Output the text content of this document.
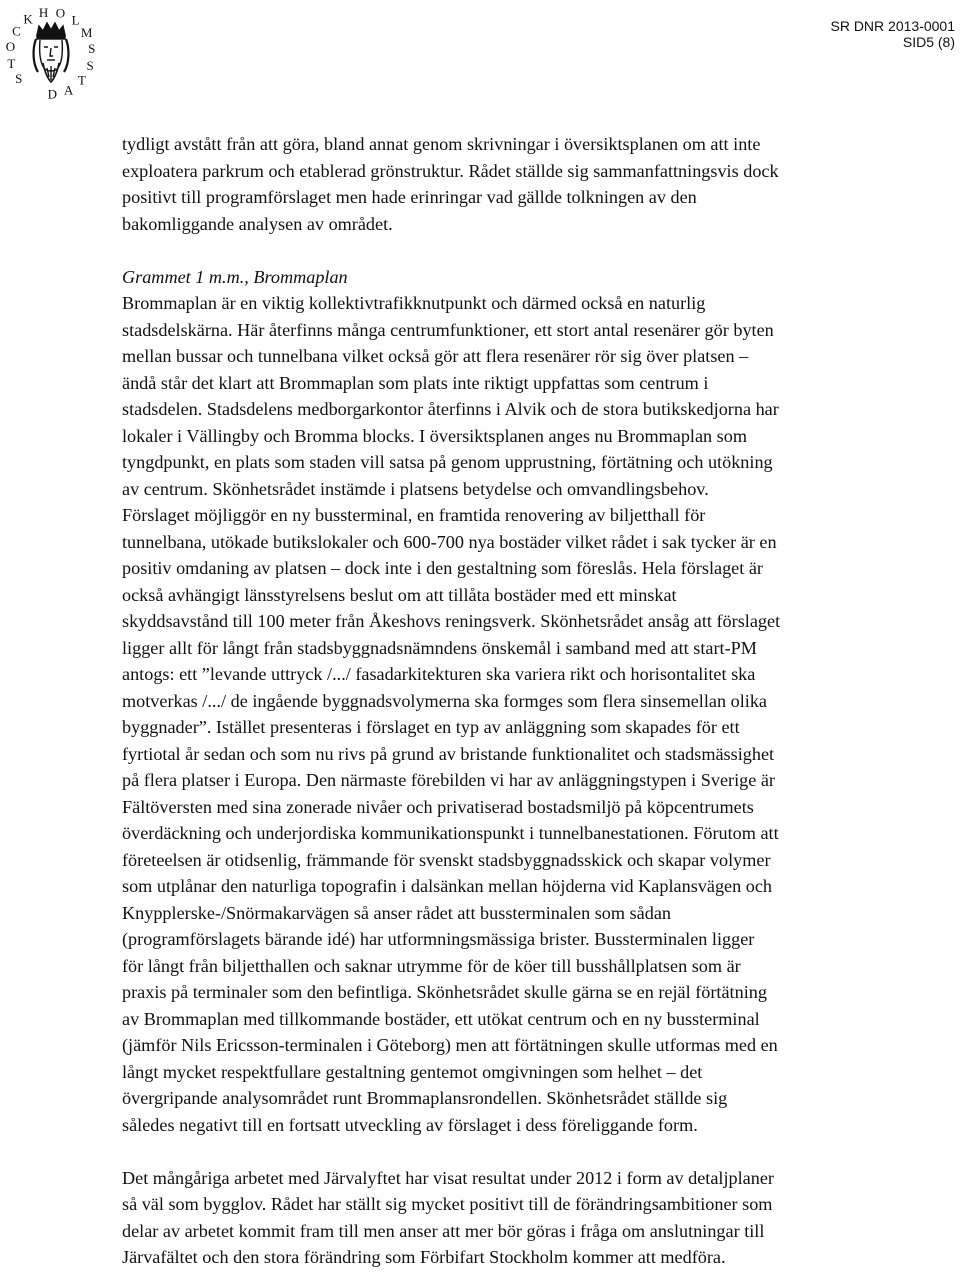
S
T
O
C
K H O L
M
S
S
T
A
D
SR DNR 2013-0001
SID5 (8)

tydligt avstått från att göra, bland annat genom skrivningar i översiktsplanen om att inte
exploatera parkrum och etablerad grönstruktur. Rådet ställde sig sammanfattningsvis dock
positivt till programförslaget men hade erinringar vad gällde tolkningen av den
bakomliggande analysen av området.

Grammet 1 m.m., Brommaplan

Brommaplan är en viktig kollektivtrafikknutpunkt och därmed också en naturlig
stadsdelskärna. Här återfinns många centrumfunktioner, ett stort antal resenärer gör byten
mellan bussar och tunnelbana vilket också gör att flera resenärer rör sig över platsen –
ändå står det klart att Brommaplan som plats inte riktigt uppfattas som centrum i
stadsdelen. Stadsdelens medborgarkontor återfinns i Alvik och de stora butikskedjorna har
lokaler i Vällingby och Bromma blocks. I översiktsplanen anges nu Brommaplan som
tyngdpunkt, en plats som staden vill satsa på genom upprustning, förtätning och utökning
av centrum. Skönhetsrådet instämde i platsens betydelse och omvandlingsbehov.
Förslaget möjliggör en ny bussterminal, en framtida renovering av biljetthall för
tunnelbana, utökade butikslokaler och 600-700 nya bostäder vilket rådet i sak tycker är en
positiv omdaning av platsen – dock inte i den gestaltning som föreslås. Hela förslaget är
också avhängigt länsstyrelsens beslut om att tillåta bostäder med ett minskat
skyddsavstånd till 100 meter från Åkeshovs reningsverk. Skönhetsrådet ansåg att förslaget
ligger allt för långt från stadsbyggnadsnämndens önskemål i samband med att start-PM
antogs: ett ”levande uttryck /.../ fasadarkitekturen ska variera rikt och horisontalitet ska
motverkas /.../ de ingående byggnadsvolymerna ska formges som flera sinsemellan olika
byggnader”. Istället presenteras i förslaget en typ av anläggning som skapades för ett
fyrtiotal år sedan och som nu rivs på grund av bristande funktionalitet och stadsmässighet
på flera platser i Europa. Den närmaste förebilden vi har av anläggningstypen i Sverige är
Fältöversten med sina zonerade nivåer och privatiserad bostadsmiljö på köpcentrumets
överdäckning och underjordiska kommunikationspunkt i tunnelbanestationen. Förutom att
företeelsen är otidsenlig, främmande för svenskt stadsbyggnadsskick och skapar volymer
som utplånar den naturliga topografin i dalsänkan mellan höjderna vid Kaplansvägen och
Knypplerske-/Snörmakarvägen så anser rådet att bussterminalen som sådan
(programförslagets bärande idé) har utformningsmässiga brister. Bussterminalen ligger
för långt från biljetthallen och saknar utrymme för de köer till busshållplatsen som är
praxis på terminaler som den befintliga. Skönhetsrådet skulle gärna se en rejäl förtätning
av Brommaplan med tillkommande bostäder, ett utökat centrum och en ny bussterminal
(jämför Nils Ericsson-terminalen i Göteborg) men att förtätningen skulle utformas med en
långt mycket respektfullare gestaltning gentemot omgivningen som helhet – det
övergripande analysområdet runt Brommaplansrondellen. Skönhetsrådet ställde sig
således negativt till en fortsatt utveckling av förslaget i dess föreliggande form.

Det mångåriga arbetet med Järvalyftet har visat resultat under 2012 i form av detaljplaner
så väl som bygglov. Rådet har ställt sig mycket positivt till de förändringsambitioner som
delar av arbetet kommit fram till men anser att mer bör göras i fråga om anslutningar till
Järvafältet och den stora förändring som Förbifart Stockholm kommer att medföra.
